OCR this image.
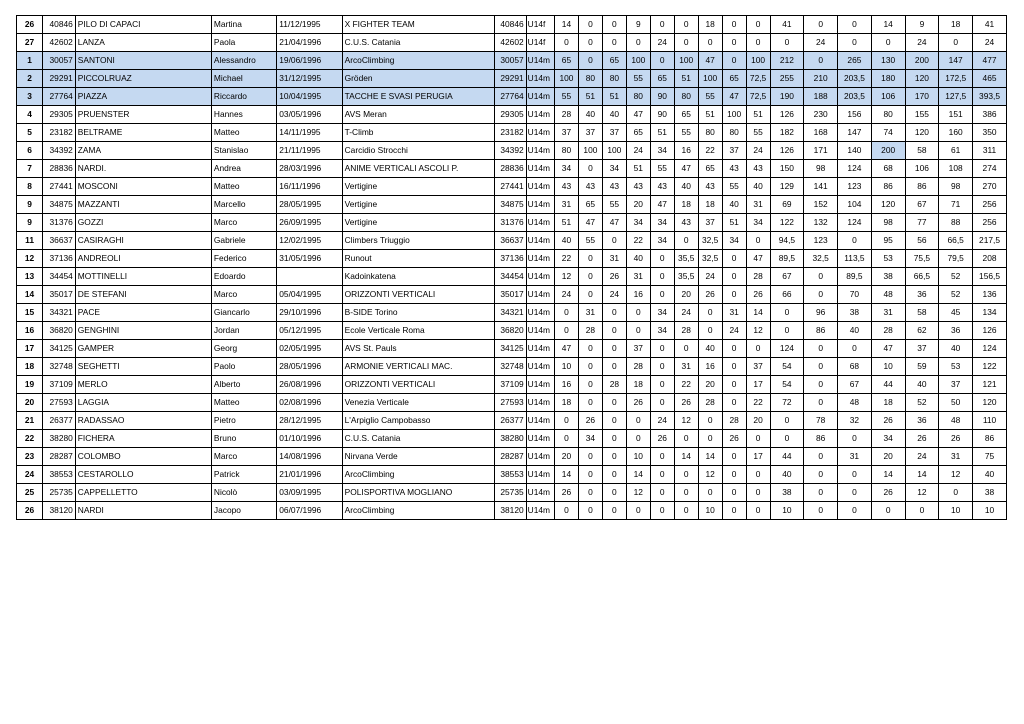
26	40846	PILO DI CAPACI	Martina	11/12/1995	X FIGHTER TEAM	40846	U14f	14	0	0	9	0	0	18	0	0	41	0	0	14	9	18	41
27	42602	LANZA	Paola	21/04/1996	C.U.S. Catania	42602	U14f	0	0	0	0	24	0	0	0	0	0	24	0	0	24	0	24
1	30057	SANTONI	Alessandro	19/06/1996	ArcoClimbing	30057	U14m	65	0	65	100	0	100	47	0	100	212	0	265	130	200	147	477
2	29291	PICCOLRUAZ	Michael	31/12/1995	Gröden	29291	U14m	100	80	80	55	65	51	100	65	72,5	255	210	203,5	180	120	172,5	465
3	27764	PIAZZA	Riccardo	10/04/1995	TACCHE E SVASI PERUGIA	27764	U14m	55	51	51	80	90	80	55	47	72,5	190	188	203,5	106	170	127,5	393,5
4	29305	PRUENSTER	Hannes	03/05/1996	AVS Meran	29305	U14m	28	40	40	47	90	65	51	100	51	126	230	156	80	155	151	386
5	23182	BELTRAME	Matteo	14/11/1995	T-Climb	23182	U14m	37	37	37	65	51	55	80	80	55	182	168	147	74	120	160	350
6	34392	ZAMA	Stanislao	21/11/1995	Carcidio Strocchi	34392	U14m	80	100	100	24	34	16	22	37	24	126	171	140	200	58	61	311
7	28836	NARDI.	Andrea	28/03/1996	ANIME VERTICALI ASCOLI P.	28836	U14m	34	0	34	51	55	47	65	43	43	150	98	124	68	106	108	274
8	27441	MOSCONI	Matteo	16/11/1996	Vertigine	27441	U14m	43	43	43	43	43	40	43	55	40	129	141	123	86	86	98	270
9	34875	MAZZANTI	Marcello	28/05/1995	Vertigine	34875	U14m	31	65	55	20	47	18	18	40	31	69	152	104	120	67	71	256
9	31376	GOZZI	Marco	26/09/1995	Vertigine	31376	U14m	51	47	47	34	34	43	37	51	34	122	132	124	98	77	88	256
11	36637	CASIRAGHI	Gabriele	12/02/1995	Climbers Triuggio	36637	U14m	40	55	0	22	34	0	32,5	34	0	94,5	123	0	95	56	66,5	217,5
12	37136	ANDREOLI	Federico	31/05/1996	Runout	37136	U14m	22	0	31	40	0	35,5	32,5	0	47	89,5	32,5	113,5	53	75,5	79,5	208
13	34454	MOTTINELLI	Edoardo		Kadoinkatena	34454	U14m	12	0	26	31	0	35,5	24	0	28	67	0	89,5	38	66,5	52	156,5
14	35017	DE STEFANI	Marco	05/04/1995	ORIZZONTI VERTICALI	35017	U14m	24	0	24	16	0	20	26	0	26	66	0	70	48	36	52	136
15	34321	PACE	Giancarlo	29/10/1996	B-SIDE Torino	34321	U14m	0	31	0	0	34	24	0	31	14	0	96	38	31	58	45	134
16	36820	GENGHINI	Jordan	05/12/1995	Ecole Verticale Roma	36820	U14m	0	28	0	0	34	28	0	24	12	0	86	40	28	62	36	126
17	34125	GAMPER	Georg	02/05/1995	AVS St. Pauls	34125	U14m	47	0	0	37	0	0	40	0	0	124	0	0	47	37	40	124
18	32748	SEGHETTI	Paolo	28/05/1996	ARMONIE VERTICALI MAC.	32748	U14m	10	0	0	28	0	31	16	0	37	54	0	68	10	59	53	122
19	37109	MERLO	Alberto	26/08/1996	ORIZZONTI VERTICALI	37109	U14m	16	0	28	18	0	22	20	0	17	54	0	67	44	40	37	121
20	27593	LAGGIA	Matteo	02/08/1996	Venezia Verticale	27593	U14m	18	0	0	26	0	26	28	0	22	72	0	48	18	52	50	120
21	26377	RADASSAO	Pietro	28/12/1995	L'Arpiglio Campobasso	26377	U14m	0	26	0	0	24	12	0	28	20	0	78	32	26	36	48	110
22	38280	FICHERA	Bruno	01/10/1996	C.U.S. Catania	38280	U14m	0	34	0	0	26	0	0	26	0	0	86	0	34	26	26	86
23	28287	COLOMBO	Marco	14/08/1996	Nirvana Verde	28287	U14m	20	0	0	10	0	14	14	0	17	44	0	31	20	24	31	75
24	38553	CESTAROLLO	Patrick	21/01/1996	ArcoClimbing	38553	U14m	14	0	0	14	0	0	12	0	0	40	0	0	14	14	12	40
25	25735	CAPPELLETTO	Nicolò	03/09/1995	POLISPORTIVA MOGLIANO	25735	U14m	26	0	0	12	0	0	0	0	0	38	0	0	26	12	0	38
26	38120	NARDI	Jacopo	06/07/1996	ArcoClimbing	38120	U14m	0	0	0	0	0	0	10	0	0	10	0	0	0	0	10	10
